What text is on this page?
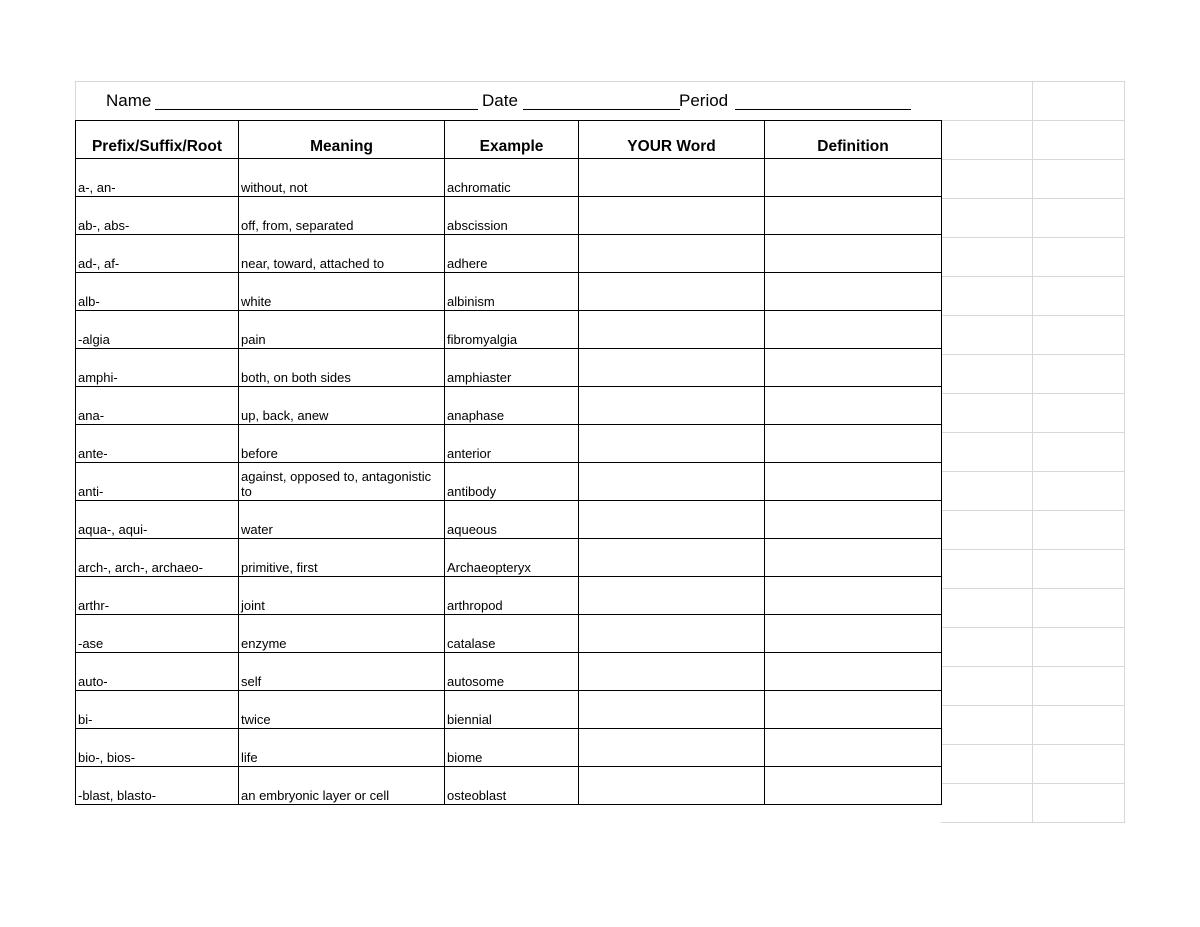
Name	Date	Period
Prefix/Suffix/Root	Meaning	Example	YOUR Word	Definition
a-, an-	without, not	achromatic		
ab-, abs-	off, from, separated	abscission		
ad-, af-	near, toward, attached to	adhere		
alb-	white	albinism		
-algia	pain	fibromyalgia		
amphi-	both, on both sides	amphiaster		
ana-	up, back, anew	anaphase		
ante-	before	anterior		
anti-	against, opposed to, antagonistic to	antibody		
aqua-, aqui-	water	aqueous		
arch-, arch-, archaeo-	primitive, first	Archaeopteryx		
arthr-	joint	arthropod		
-ase	enzyme	catalase		
auto-	self	autosome		
bi-	twice	biennial		
bio-, bios-	life	biome		
-blast, blasto-	an embryonic layer or cell	osteoblast		
